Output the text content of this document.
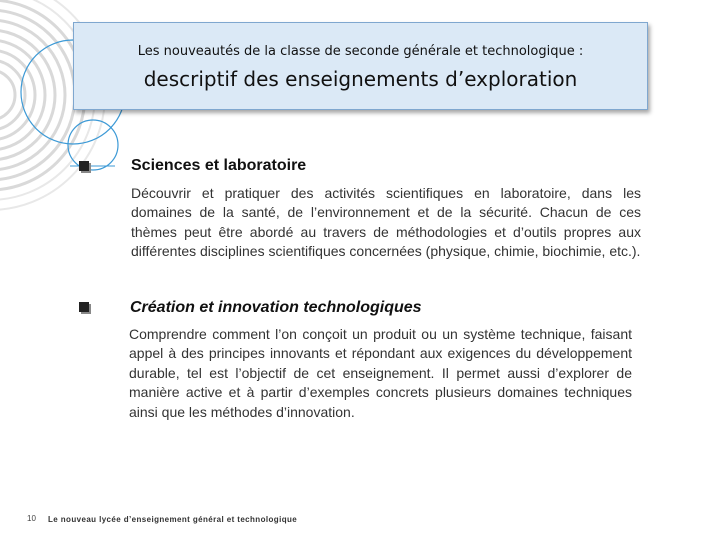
Les nouveautés de la classe de seconde générale et technologique :
descriptif des enseignements d’exploration
Sciences et laboratoire
Découvrir et pratiquer des activités scientifiques en laboratoire, dans les domaines de la santé, de l’environnement et de la sécurité. Chacun de ces thèmes peut être abordé au travers de méthodologies et d’outils propres aux différentes disciplines scientifiques concernées (physique, chimie, biochimie, etc.).
Création et innovation technologiques
Comprendre comment l’on conçoit un produit ou un système technique, faisant appel à des principes innovants et répondant aux exigences du développement durable, tel est l’objectif de cet enseignement. Il permet aussi d’explorer de manière active et à partir d’exemples concrets plusieurs domaines techniques ainsi que les méthodes d’innovation.
10 Le nouveau lycée d’enseignement général et technologique
